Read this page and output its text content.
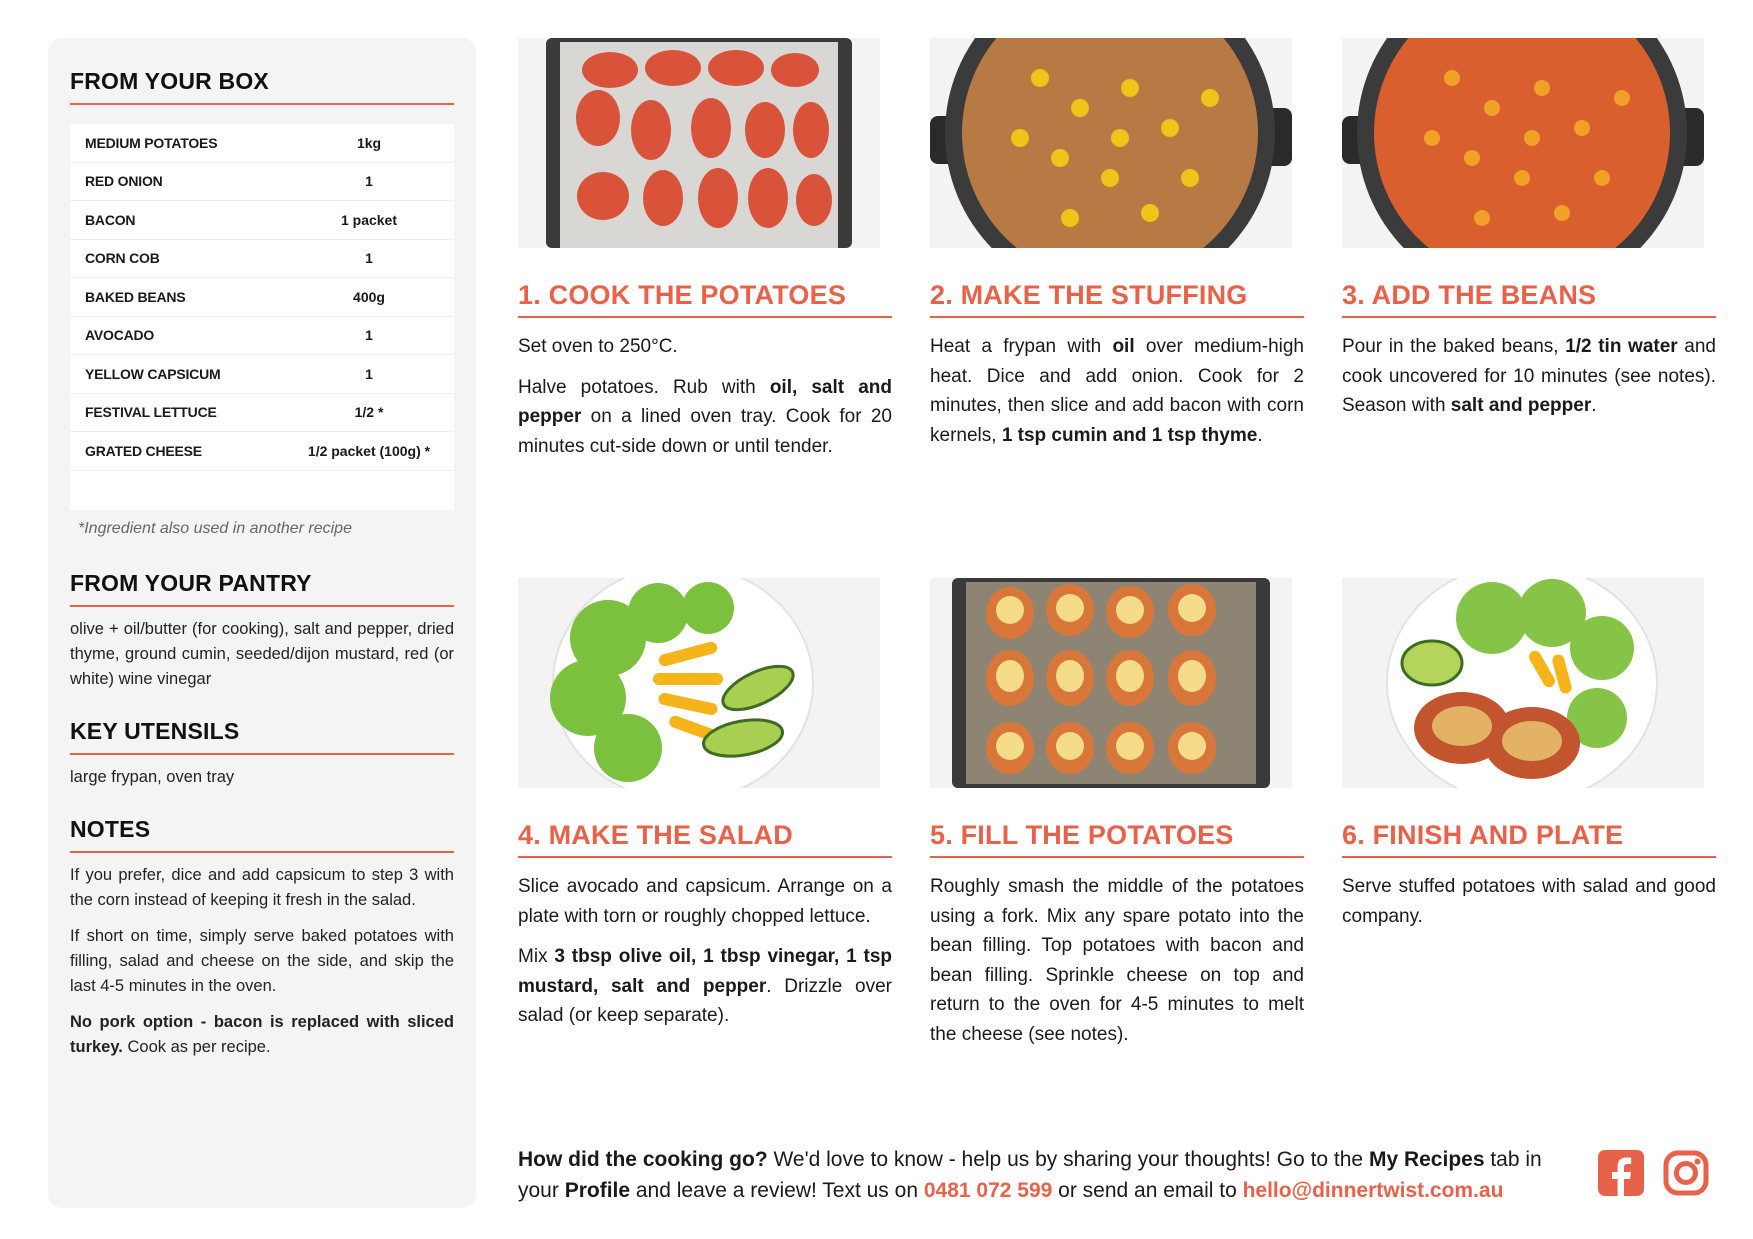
FROM YOUR BOX
MEDIUM POTATOES	1kg
RED ONION	1
BACON	1 packet
CORN COB	1
BAKED BEANS	400g
AVOCADO	1
YELLOW CAPSICUM	1
FESTIVAL LETTUCE	1/2 *
GRATED CHEESE	1/2 packet (100g) *
*Ingredient also used in another recipe
FROM YOUR PANTRY

olive + oil/butter (for cooking), salt and pepper, dried thyme, ground cumin, seeded/dijon mustard, red (or white) wine vinegar

KEY UTENSILS

large frypan, oven tray

NOTES

If you prefer, dice and add capsicum to step 3 with the corn instead of keeping it fresh in the salad.

If short on time, simply serve baked potatoes with filling, salad and cheese on the side, and skip the last 4-5 minutes in the oven.

No pork option - bacon is replaced with sliced turkey. Cook as per recipe.

1. COOK THE POTATOES

Set oven to 250°C.

Halve potatoes. Rub with oil, salt and pepper on a lined oven tray. Cook for 20 minutes cut-side down or until tender.

2. MAKE THE STUFFING

Heat a frypan with oil over medium-high heat. Dice and add onion. Cook for 2 minutes, then slice and add bacon with corn kernels, 1 tsp cumin and 1 tsp thyme.

3. ADD THE BEANS

Pour in the baked beans, 1/2 tin water and cook uncovered for 10 minutes (see notes). Season with salt and pepper.

4. MAKE THE SALAD

Slice avocado and capsicum. Arrange on a plate with torn or roughly chopped lettuce.

Mix 3 tbsp olive oil, 1 tbsp vinegar, 1 tsp mustard, salt and pepper. Drizzle over salad (or keep separate).

5. FILL THE POTATOES

Roughly smash the middle of the potatoes using a fork. Mix any spare potato into the bean filling. Top potatoes with bacon and bean filling. Sprinkle cheese on top and return to the oven for 4-5 minutes to melt the cheese (see notes).

6. FINISH AND PLATE

Serve stuffed potatoes with salad and good company.

How did the cooking go? We'd love to know - help us by sharing your thoughts! Go to the My Recipes tab in your Profile and leave a review! Text us on 0481 072 599 or send an email to hello@dinnertwist.com.au
